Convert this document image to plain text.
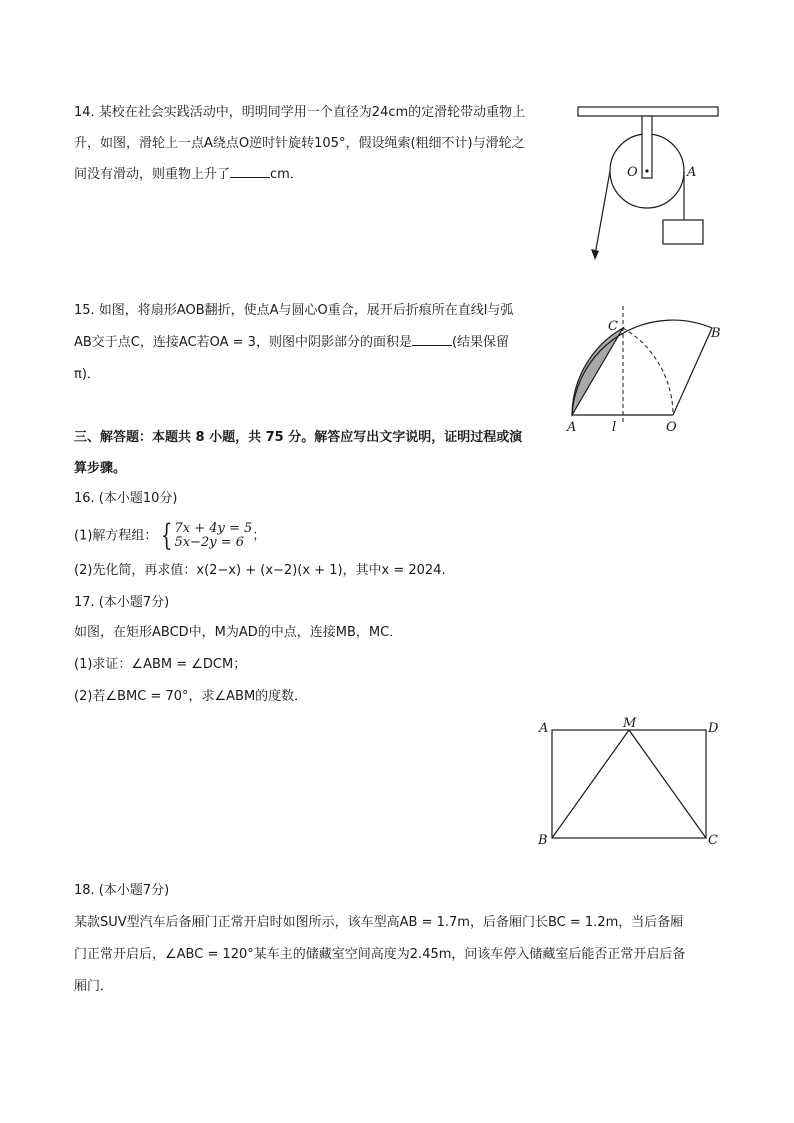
14. 某校在社会实践活动中，明明同学用一个直径为24cm的定滑轮带动重物上
升，如图，滑轮上一点A绕点O逆时针旋转105°，假设绳索(粗细不计)与滑轮之
间没有滑动，则重物上升了	cm．	O	A
15. 如图，将扇形AOB翻折，使点A与圆心O重合，展开后折痕所在直线l与弧
AB交于点C，连接AC若OA = 3，则图中阴影部分的面积是	(结果保留
π)．
C	B
A	l	O
三、解答题：本题共 8 小题，共 75 分。解答应写出文字说明，证明过程或演
算步骤。
16. (本小题10分)
(1)解方程组： { 7x + 4y = 5
5x−2y = 6 ；
(2)先化简，再求值：x(2−x) + (x−2)(x + 1)，其中x = 2024.
17. (本小题7分)
如图，在矩形ABCD中，M为AD的中点，连接MB，MC．
(1)求证：∠ABM = ∠DCM；
(2)若∠BMC = 70°，求∠ABM的度数．
A	M	D
B	C
18. (本小题7分)
某款SUV型汽车后备厢门正常开启时如图所示，该车型高AB = 1.7m，后备厢门长BC = 1.2m，当后备厢
门正常开启后，∠ABC = 120°某车主的储藏室空间高度为2.45m，问该车停入储藏室后能否正常开启后备
厢门．
